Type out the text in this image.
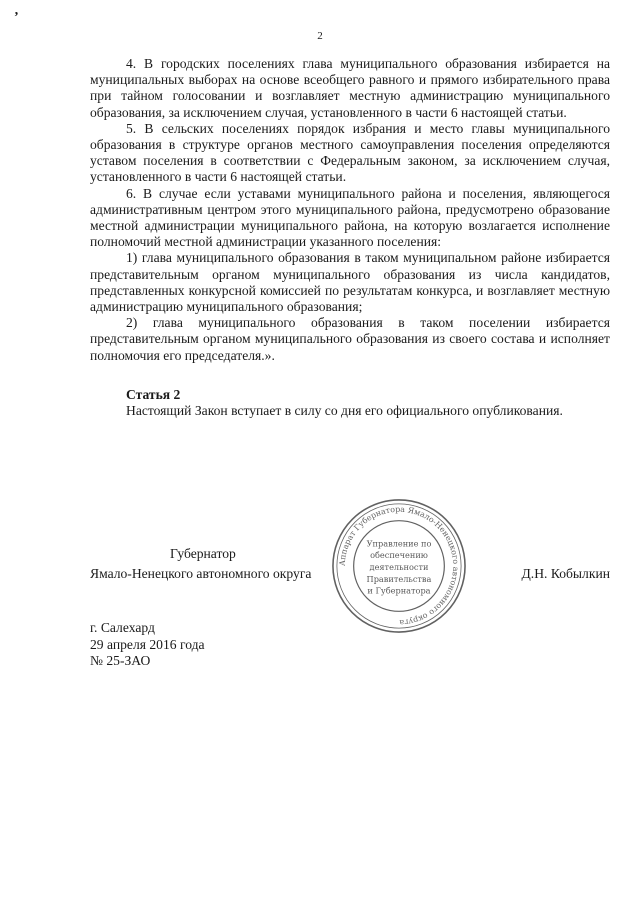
’
2

4. В городских поселениях глава муниципального образования избирается на муниципальных выборах на основе всеобщего равного и прямого избирательного права при тайном голосовании и возглавляет местную администрацию муниципального образования, за исключением случая, установленного в части 6 настоящей статьи.

5. В сельских поселениях порядок избрания и место главы муниципального образования в структуре органов местного самоуправления поселения определяются уставом поселения в соответствии с Федеральным законом, за исключением случая, установленного в части 6 настоящей статьи.

6. В случае если уставами муниципального района и поселения, являющегося административным центром этого муниципального района, предусмотрено образование местной администрации муниципального района, на которую возлагается исполнение полномочий местной администрации указанного поселения:

1) глава муниципального образования в таком муниципальном районе избирается представительным органом муниципального образования из числа кандидатов, представленных конкурсной комиссией по результатам конкурса, и возглавляет местную администрацию муниципального образования;

2) глава муниципального образования в таком поселении избирается представительным органом муниципального образования из своего состава и исполняет полномочия его председателя.».

Статья 2

Настоящий Закон вступает в силу со дня его официального опубликования.

Губернатор
Ямало-Ненецкого автономного округа	Д.Н. Кобылкин
Аппарат Губернатора Ямало-Ненецкого автономного округа
Управление по
обеспечению
деятельности
Правительства
и Губернатора
г. Салехард
29 апреля 2016 года
№ 25-ЗАО
